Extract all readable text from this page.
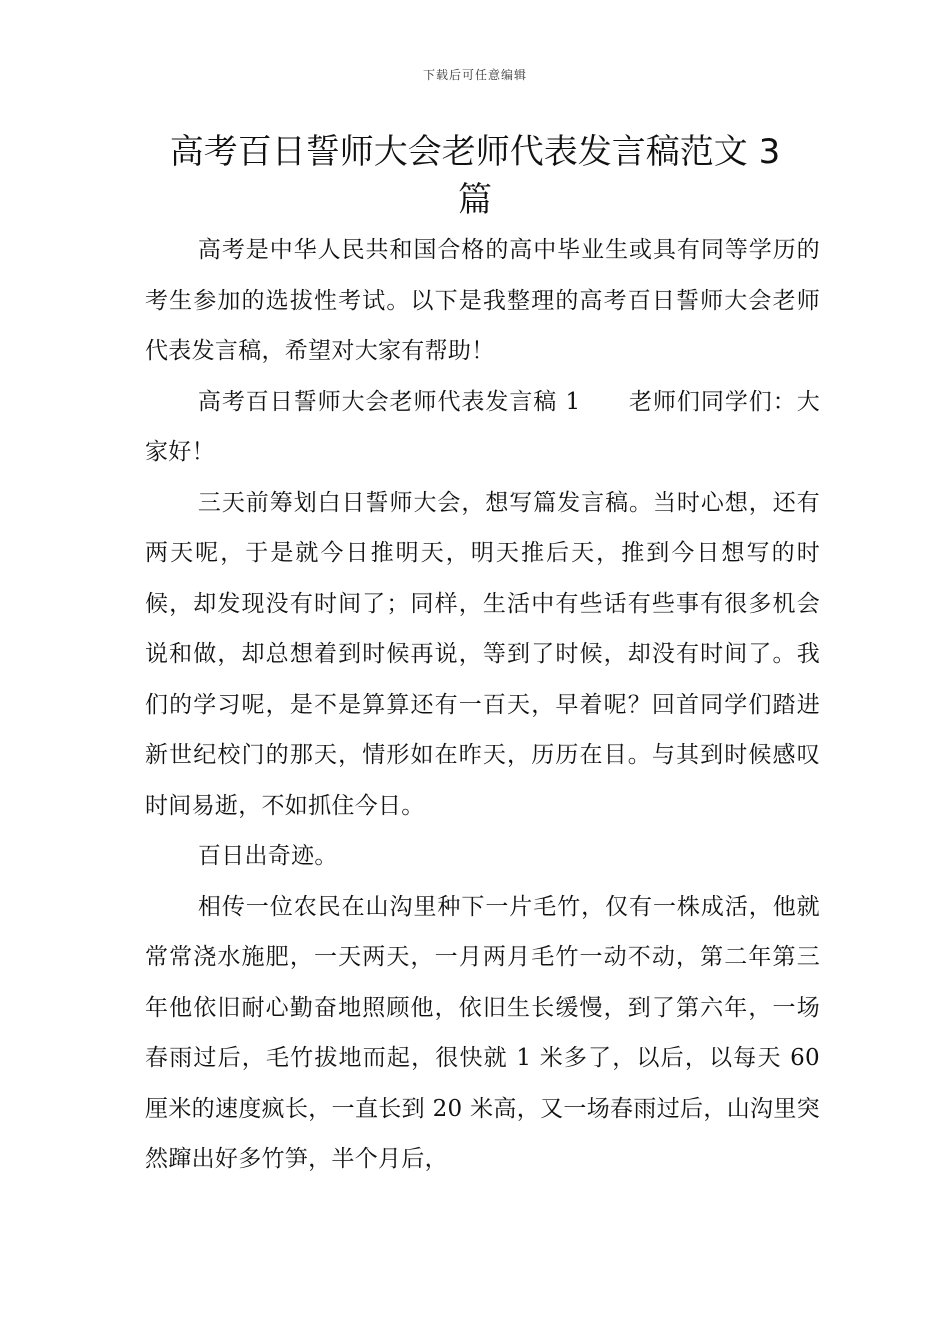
下载后可任意编辑
高考百日誓师大会老师代表发言稿范文 3
篇

高考是中华人民共和国合格的高中毕业生或具有同等学历的考生参加的选拔性考试。以下是我整理的高考百日誓师大会老师代表发言稿，希望对大家有帮助！

高考百日誓师大会老师代表发言稿 1　　老师们同学们：大家好！

三天前筹划白日誓师大会，想写篇发言稿。当时心想，还有两天呢，于是就今日推明天，明天推后天，推到今日想写的时候，却发现没有时间了；同样，生活中有些话有些事有很多机会说和做，却总想着到时候再说，等到了时候，却没有时间了。我们的学习呢，是不是算算还有一百天，早着呢？回首同学们踏进新世纪校门的那天，情形如在昨天，历历在目。与其到时候感叹时间易逝，不如抓住今日。

百日出奇迹。

相传一位农民在山沟里种下一片毛竹，仅有一株成活，他就常常浇水施肥，一天两天，一月两月毛竹一动不动，第二年第三年他依旧耐心勤奋地照顾他，依旧生长缓慢，到了第六年，一场春雨过后，毛竹拔地而起，很快就 1 米多了，以后，以每天 60 厘米的速度疯长，一直长到 20 米高，又一场春雨过后，山沟里突然蹿出好多竹笋，半个月后，
